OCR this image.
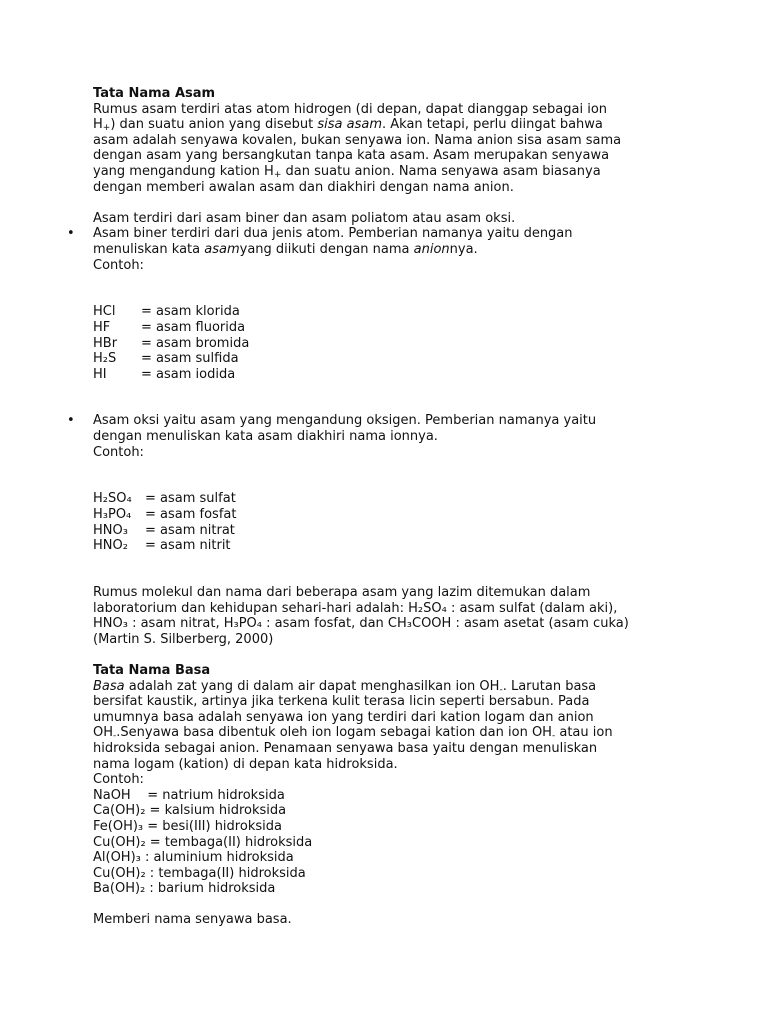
Tata Nama Asam

Rumus asam terdiri atas atom hidrogen (di depan, dapat dianggap sebagai ion

$H_+$) dan suatu anion yang disebut sisa asam. Akan tetapi, perlu diingat bahwa

asam adalah senyawa kovalen, bukan senyawa ion. Nama anion sisa asam sama

dengan asam yang bersangkutan tanpa kata asam. Asam merupakan senyawa

yang mengandung kation $H_+$ dan suatu anion. Nama senyawa asam biasanya

dengan memberi awalan asam dan diakhiri dengan nama anion.

Asam terdiri dari asam biner dan asam poliatom atau asam oksi.

• Asam biner terdiri dari dua jenis atom. Pemberian namanya yaitu dengan

menuliskan kata asamyang diikuti dengan nama anionnya.

Contoh:

HCl	= asam klorida
HF	= asam fluorida
HBr	= asam bromida
H₂S	= asam sulfida
HI	= asam iodida
• Asam oksi yaitu asam yang mengandung oksigen. Pemberian namanya yaitu

dengan menuliskan kata asam diakhiri nama ionnya.

Contoh:

H₂SO₄	= asam sulfat
H₃PO₄	= asam fosfat
HNO₃	= asam nitrat
HNO₂	= asam nitrit

Rumus molekul dan nama dari beberapa asam yang lazim ditemukan dalam

laboratorium dan kehidupan sehari-hari adalah: H₂SO₄ : asam sulfat (dalam aki),

HNO₃ : asam nitrat, H₃PO₄ : asam fosfat, dan CH₃COOH : asam asetat (asam cuka)

(Martin S. Silberberg, 2000)

Tata Nama Basa

Basa adalah zat yang di dalam air dapat menghasilkan ion $OH_-$. Larutan basa

bersifat kaustik, artinya jika terkena kulit terasa licin seperti bersabun. Pada

umumnya basa adalah senyawa ion yang terdiri dari kation logam dan anion

$OH_-.Senyawa$ basa dibentuk oleh ion logam sebagai kation dan ion $OH_-$ atau ion

hidroksida sebagai anion. Penamaan senyawa basa yaitu dengan menuliskan

nama logam (kation) di depan kata hidroksida.

Contoh:

NaOH    = natrium hidroksida

Ca(OH)₂ = kalsium hidroksida

Fe(OH)₃ = besi(III) hidroksida

Cu(OH)₂ = tembaga(II) hidroksida

Al(OH)₃ : aluminium hidroksida

Cu(OH)₂ : tembaga(II) hidroksida

Ba(OH)₂ : barium hidroksida

Memberi nama senyawa basa.
